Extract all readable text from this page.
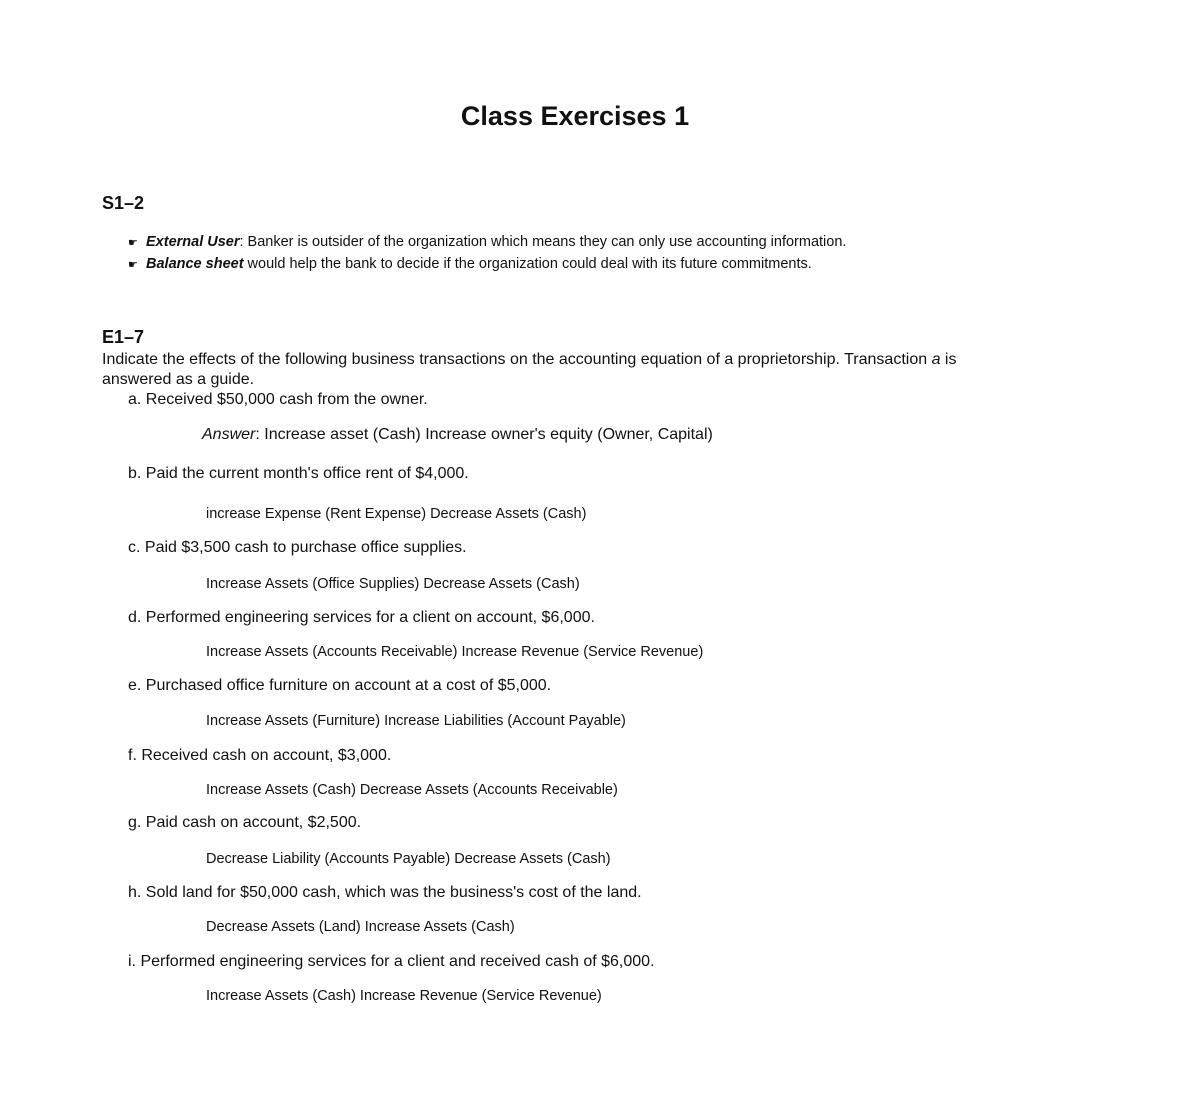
Class Exercises 1
S1–2
☛ External User: Banker is outsider of the organization which means they can only use accounting information.
☛ Balance sheet would help the bank to decide if the organization could deal with its future commitments.
E1–7
Indicate the effects of the following business transactions on the accounting equation of a proprietorship. Transaction a is answered as a guide.
a. Received $50,000 cash from the owner.
Answer: Increase asset (Cash) Increase owner's equity (Owner, Capital)
b. Paid the current month's office rent of $4,000.
increase Expense (Rent Expense) Decrease Assets (Cash)
c. Paid $3,500 cash to purchase office supplies.
Increase Assets (Office Supplies) Decrease Assets (Cash)
d. Performed engineering services for a client on account, $6,000.
Increase Assets (Accounts Receivable) Increase Revenue (Service Revenue)
e. Purchased office furniture on account at a cost of $5,000.
Increase Assets (Furniture) Increase Liabilities (Account Payable)
f. Received cash on account, $3,000.
Increase Assets (Cash) Decrease Assets (Accounts Receivable)
g. Paid cash on account, $2,500.
Decrease Liability (Accounts Payable) Decrease Assets (Cash)
h. Sold land for $50,000 cash, which was the business's cost of the land.
Decrease Assets (Land) Increase Assets (Cash)
i. Performed engineering services for a client and received cash of $6,000.
Increase Assets (Cash) Increase Revenue (Service Revenue)
